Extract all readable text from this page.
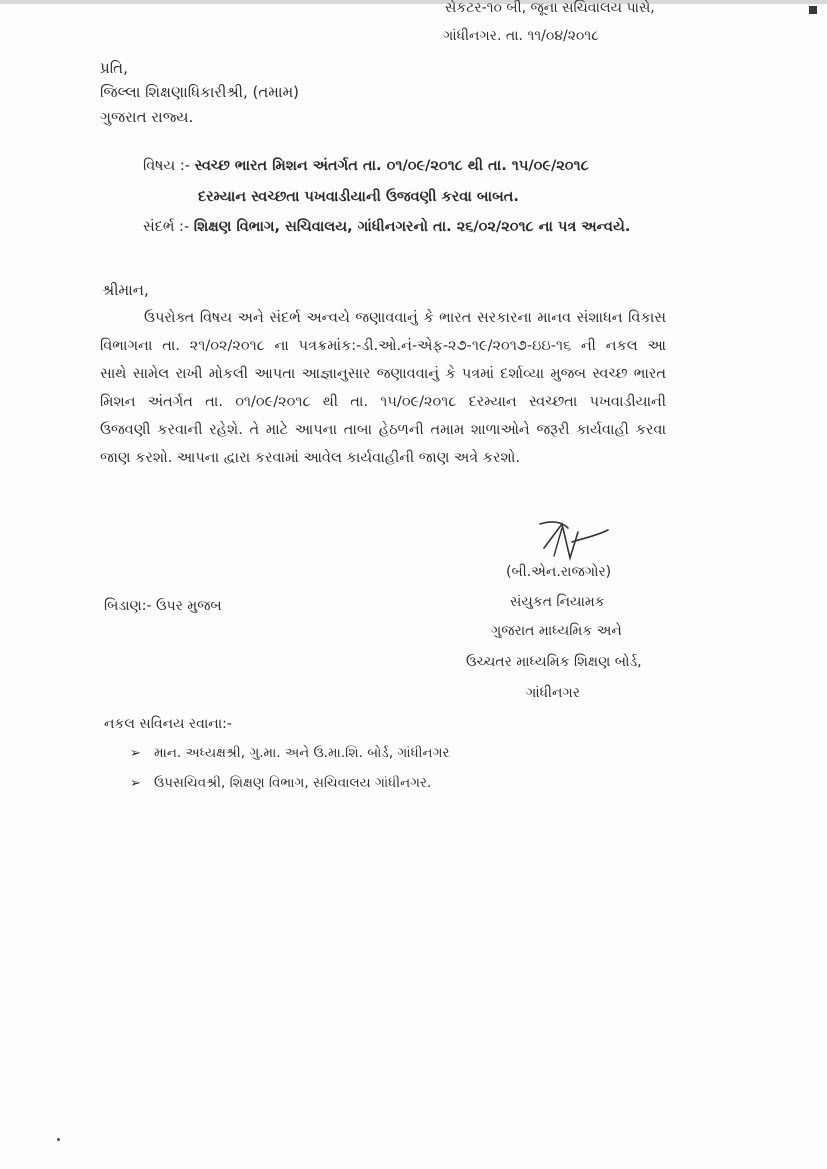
સેકટર-૧૦ બી, જૂના સચિવાલય પાસે,
ગાંધીનગર. તા. ૧૧/૦૪/૨૦૧૮
પ્રતિ,
જિલ્લા શિક્ષણાધિકારીશ્રી, (તમામ)
ગુજરાત રાજ્ય.
વિષય :- સ્વચ્છ ભારત મિશન અંતર્ગત તા. ૦૧/૦૯/૨૦૧૮ થી તા. ૧૫/૦૯/૨૦૧૮
દરમ્યાન સ્વચ્છતા પખવાડીયાની ઉજવણી કરવા બાબત.
સંદર્ભ :- શિક્ષણ વિભાગ, સચિવાલય, ગાંધીનગરનો તા. ૨૬/૦૨/૨૦૧૮ ના પત્ર અન્વયે.
શ્રીમાન,
ઉપરોક્ત વિષય અને સંદર્ભ અન્વયે જણાવવાનું કે ભારત સરકારના માનવ સંશાધન વિકાસ
વિભાગના તા. ૨૧/૦૨/૨૦૧૮ ના પત્રક્રમાંક:-ડી.ઓ.નં-એફ-૨૭-૧૯/૨૦૧૭-ઇઇ-૧૬ ની નકલ આ
સાથે સામેલ રાખી મોકલી આપતા આજ્ઞાનુસાર જણાવવાનું કે પત્રમાં દર્શાવ્યા મુજબ સ્વચ્છ ભારત
મિશન અંતર્ગત તા. ૦૧/૦૯/૨૦૧૮ થી તા. ૧૫/૦૯/૨૦૧૮ દરમ્યાન સ્વચ્છતા પખવાડીયાની
ઉજવણી કરવાની રહેશે. તે માટે આપના તાબા હેઠળની તમામ શાળાઓને જરૂરી કાર્યવાહી કરવા
જાણ કરશો. આપના દ્વારા કરવામાં આવેલ કાર્યવાહીની જાણ અત્રે કરશો.
(બી.એન.રાજગોર)
સંયુકત નિયામક
બિડાણ:- ઉપર મુજબ
ગુજરાત માધ્યમિક અને
ઉચ્ચતર માધ્યમિક શિક્ષણ બોર્ડ,
ગાંધીનગર
નકલ સવિનય રવાના:-
➢ માન. અધ્યક્ષશ્રી, ગુ.મા. અને ઉ.મા.શિ. બોર્ડ, ગાંધીનગર
➢ ઉપસચિવશ્રી, શિક્ષણ વિભાગ, સચિવાલય ગાંધીનગર.
